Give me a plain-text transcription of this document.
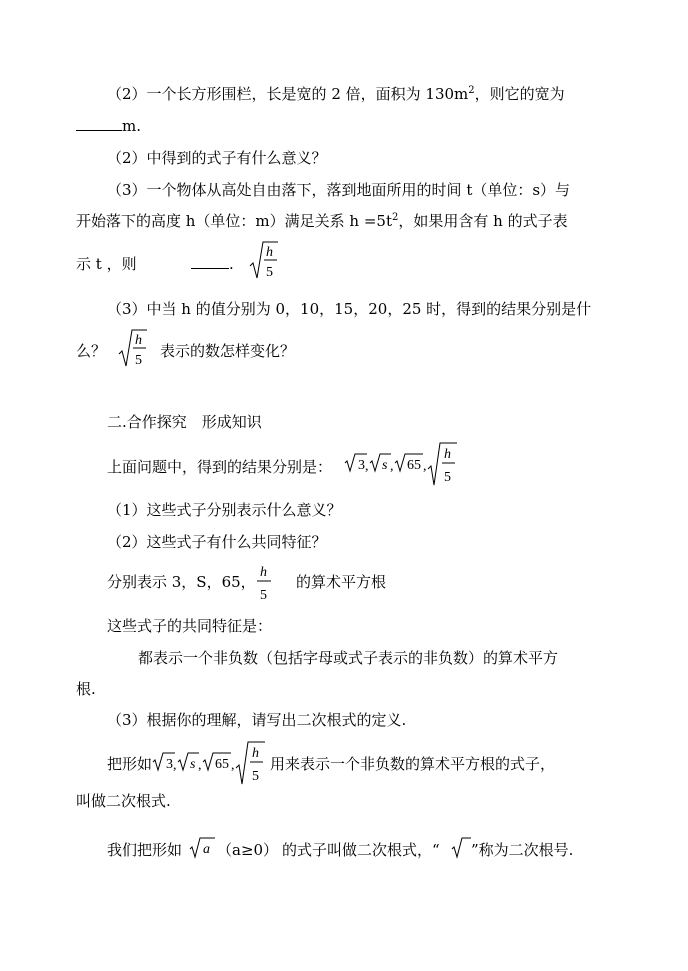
（2）一个长方形围栏，长是宽的 2 倍，面积为 $130m^2$，则它的宽为
m.
（2）中得到的式子有什么意义？
（3）一个物体从高处自由落下，落到地面所用的时间 t（单位：s）与
开始落下的高度 h（单位：m）满足关系 $h =5t^2$，如果用含有 h 的式子表
示 t ，则	.
h
5
（3）中当 h 的值分别为 0，10，15，20，25 时，得到的结果分别是什
么？
h
5
表示的数怎样变化？
二.合作探究　形成知识
上面问题中，得到的结果分别是： 3 , s , 65 ,
h
5
（1）这些式子分别表示什么意义？
（2）这些式子有什么共同特征？
分别表示 3，S，65，
h
5
的算术平方根
这些式子的共同特征是：
都表示一个非负数（包括字母或式子表示的非负数）的算术平方
根.
（3）根据你的理解，请写出二次根式的定义.
把形如 3 , s , 65 ,
h
5
用来表示一个非负数的算术平方根的式子，
叫做二次根式.
我们把形如 a （a≥0） 的式子叫做二次根式，“ ”称为二次根号.
